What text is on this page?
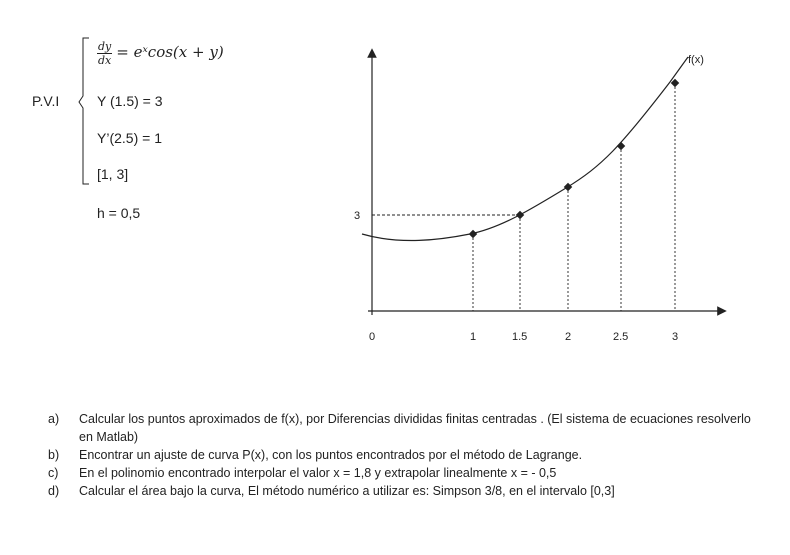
P.V.I
$\frac{dy}{dx}$ = eˣcos(x + y)
Y (1.5) = 3
Y’(2.5) = 1
[1, 3]
h = 0,5
f(x)
3
0	1	1.5	2	2.5	3
a)	Calcular los puntos aproximados de f(x), por Diferencias divididas finitas centradas . (El sistema de ecuaciones resolverlo en Matlab)
b)	Encontrar un ajuste de curva P(x), con los puntos encontrados por el método de Lagrange.
c)	En el polinomio encontrado interpolar el valor x = 1,8 y extrapolar linealmente x = - 0,5
d)	Calcular el área bajo la curva, El método numérico a utilizar es: Simpson 3/8, en el intervalo [0,3]
